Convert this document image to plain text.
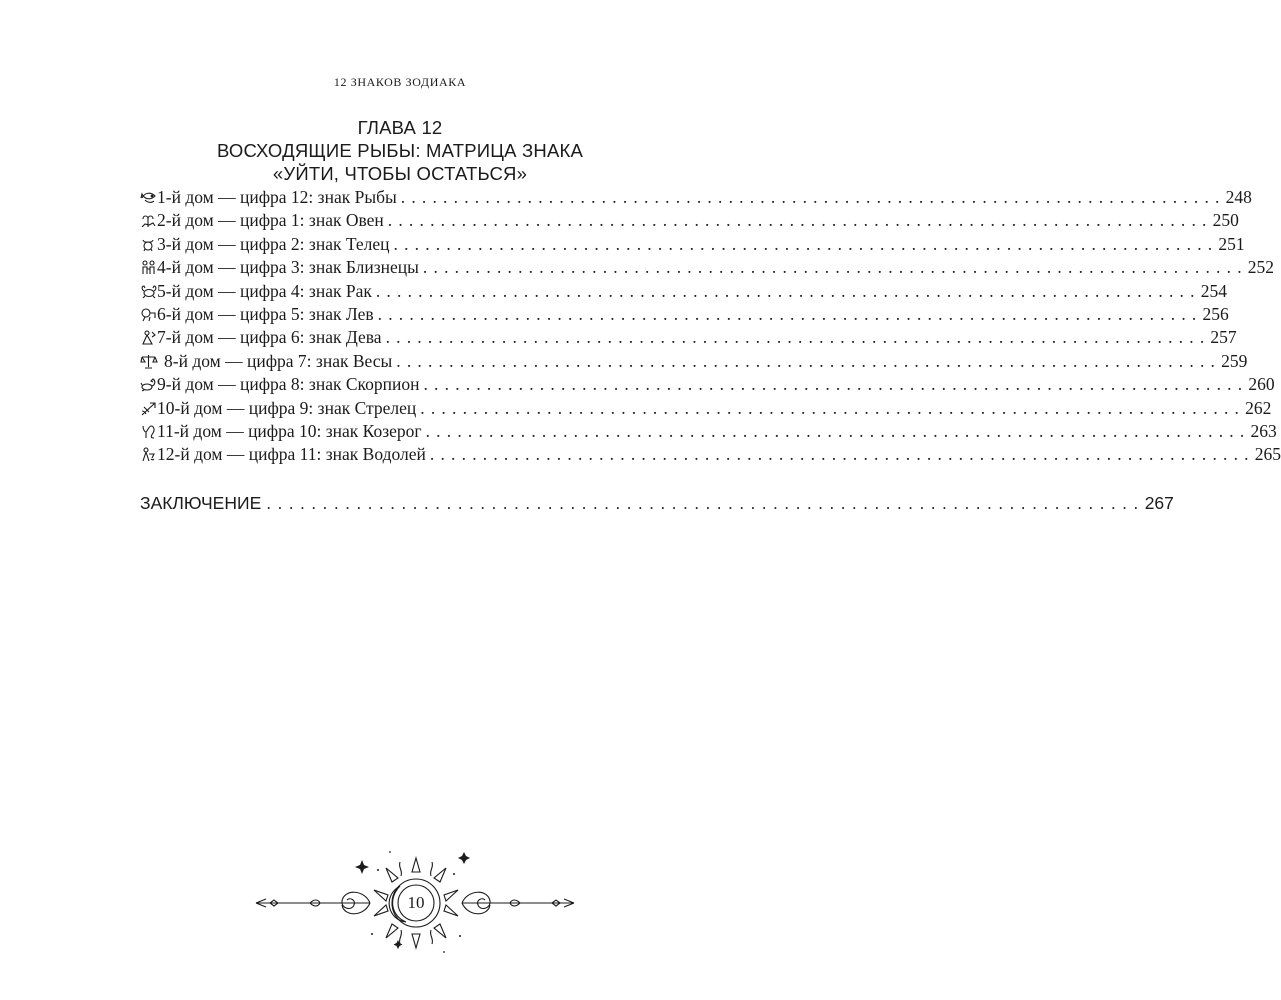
12 ЗНАКОВ ЗОДИАКА
ГЛАВА 12
ВОСХОДЯЩИЕ РЫБЫ: МАТРИЦА ЗНАКА
«УЙТИ, ЧТОБЫ ОСТАТЬСЯ»
1-й дом — цифра 12: знак Рыбы .............................................................................. 248
2-й дом — цифра 1: знак Овен .............................................................................. 250
3-й дом — цифра 2: знак Телец .............................................................................. 251
4-й дом — цифра 3: знак Близнецы .............................................................................. 252
5-й дом — цифра 4: знак Рак .............................................................................. 254
6-й дом — цифра 5: знак Лев .............................................................................. 256
7-й дом — цифра 6: знак Дева .............................................................................. 257
8-й дом — цифра 7: знак Весы .............................................................................. 259
9-й дом — цифра 8: знак Скорпион .............................................................................. 260
10-й дом — цифра 9: знак Стрелец .............................................................................. 262
11-й дом — цифра 10: знак Козерог .............................................................................. 263
12-й дом — цифра 11: знак Водолей .............................................................................. 265
ЗАКЛЮЧЕНИЕ .............................................................................. 267
10
